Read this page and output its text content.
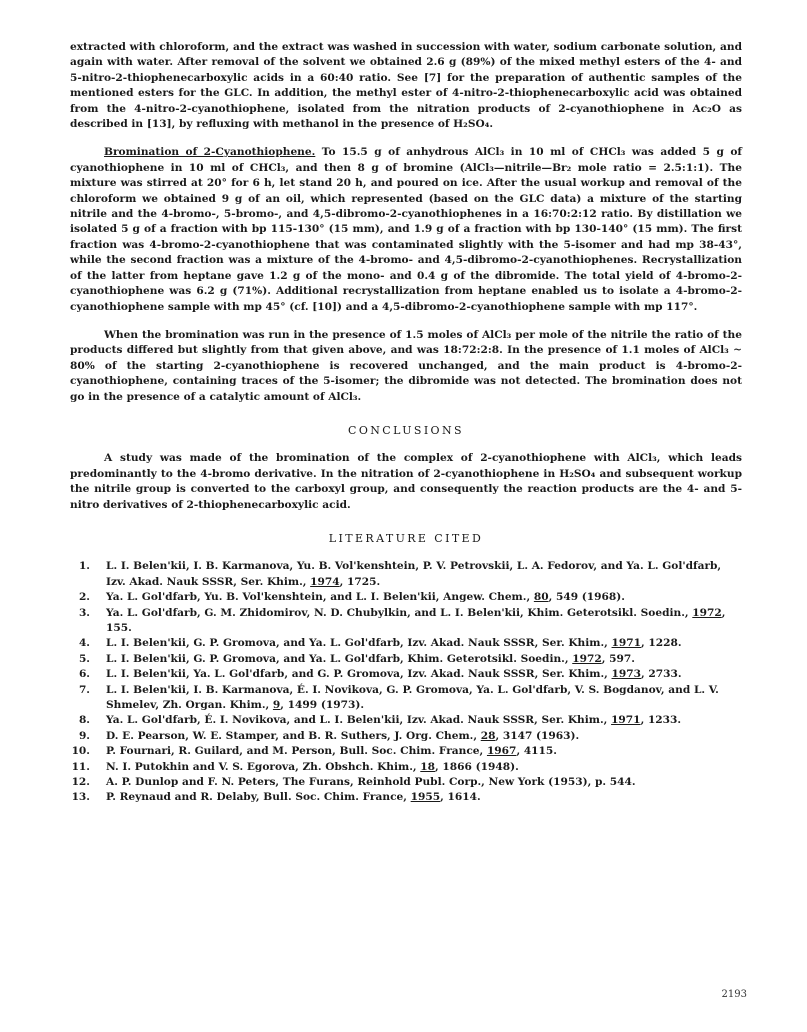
extracted with chloroform, and the extract was washed in succession with water, sodium carbonate solution, and again with water. After removal of the solvent we obtained 2.6 g (89%) of the mixed methyl esters of the 4- and 5-nitro-2-thiophenecarboxylic acids in a 60:40 ratio. See [7] for the preparation of authentic samples of the mentioned esters for the GLC. In addition, the methyl ester of 4-nitro-2-thiophenecarboxylic acid was obtained from the 4-nitro-2-cyanothiophene, isolated from the nitration products of 2-cyanothiophene in Ac₂O as described in [13], by refluxing with methanol in the presence of H₂SO₄.

Bromination of 2-Cyanothiophene. To 15.5 g of anhydrous AlCl₃ in 10 ml of CHCl₃ was added 5 g of cyanothiophene in 10 ml of CHCl₃, and then 8 g of bromine (AlCl₃—nitrile—Br₂ mole ratio = 2.5:1:1). The mixture was stirred at 20° for 6 h, let stand 20 h, and poured on ice. After the usual workup and removal of the chloroform we obtained 9 g of an oil, which represented (based on the GLC data) a mixture of the starting nitrile and the 4-bromo-, 5-bromo-, and 4,5-dibromo-2-cyanothiophenes in a 16:70:2:12 ratio. By distillation we isolated 5 g of a fraction with bp 115-130° (15 mm), and 1.9 g of a fraction with bp 130-140° (15 mm). The first fraction was 4-bromo-2-cyanothiophene that was contaminated slightly with the 5-isomer and had mp 38-43°, while the second fraction was a mixture of the 4-bromo- and 4,5-dibromo-2-cyanothiophenes. Recrystallization of the latter from heptane gave 1.2 g of the mono- and 0.4 g of the dibromide. The total yield of 4-bromo-2-cyanothiophene was 6.2 g (71%). Additional recrystallization from heptane enabled us to isolate a 4-bromo-2-cyanothiophene sample with mp 45° (cf. [10]) and a 4,5-dibromo-2-cyanothiophene sample with mp 117°.

When the bromination was run in the presence of 1.5 moles of AlCl₃ per mole of the nitrile the ratio of the products differed but slightly from that given above, and was 18:72:2:8. In the presence of 1.1 moles of AlCl₃ ~ 80% of the starting 2-cyanothiophene is recovered unchanged, and the main product is 4-bromo-2-cyanothiophene, containing traces of the 5-isomer; the dibromide was not detected. The bromination does not go in the presence of a catalytic amount of AlCl₃.

CONCLUSIONS

A study was made of the bromination of the complex of 2-cyanothiophene with AlCl₃, which leads predominantly to the 4-bromo derivative. In the nitration of 2-cyanothiophene in H₂SO₄ and subsequent workup the nitrile group is converted to the carboxyl group, and consequently the reaction products are the 4- and 5-nitro derivatives of 2-thiophenecarboxylic acid.

LITERATURE CITED
1. L. I. Belen'kii, I. B. Karmanova, Yu. B. Vol'kenshtein, P. V. Petrovskii, L. A. Fedorov, and Ya. L. Gol'dfarb, Izv. Akad. Nauk SSSR, Ser. Khim., 1974, 1725.
2. Ya. L. Gol'dfarb, Yu. B. Vol'kenshtein, and L. I. Belen'kii, Angew. Chem., 80, 549 (1968).
3. Ya. L. Gol'dfarb, G. M. Zhidomirov, N. D. Chubylkin, and L. I. Belen'kii, Khim. Geterotsikl. Soedin., 1972, 155.
4. L. I. Belen'kii, G. P. Gromova, and Ya. L. Gol'dfarb, Izv. Akad. Nauk SSSR, Ser. Khim., 1971, 1228.
5. L. I. Belen'kii, G. P. Gromova, and Ya. L. Gol'dfarb, Khim. Geterotsikl. Soedin., 1972, 597.
6. L. I. Belen'kii, Ya. L. Gol'dfarb, and G. P. Gromova, Izv. Akad. Nauk SSSR, Ser. Khim., 1973, 2733.
7. L. I. Belen'kii, I. B. Karmanova, É. I. Novikova, G. P. Gromova, Ya. L. Gol'dfarb, V. S. Bogdanov, and L. V. Shmelev, Zh. Organ. Khim., 9, 1499 (1973).
8. Ya. L. Gol'dfarb, É. I. Novikova, and L. I. Belen'kii, Izv. Akad. Nauk SSSR, Ser. Khim., 1971, 1233.
9. D. E. Pearson, W. E. Stamper, and B. R. Suthers, J. Org. Chem., 28, 3147 (1963).
10. P. Fournari, R. Guilard, and M. Person, Bull. Soc. Chim. France, 1967, 4115.
11. N. I. Putokhin and V. S. Egorova, Zh. Obshch. Khim., 18, 1866 (1948).
12. A. P. Dunlop and F. N. Peters, The Furans, Reinhold Publ. Corp., New York (1953), p. 544.
13. P. Reynaud and R. Delaby, Bull. Soc. Chim. France, 1955, 1614.
2193
